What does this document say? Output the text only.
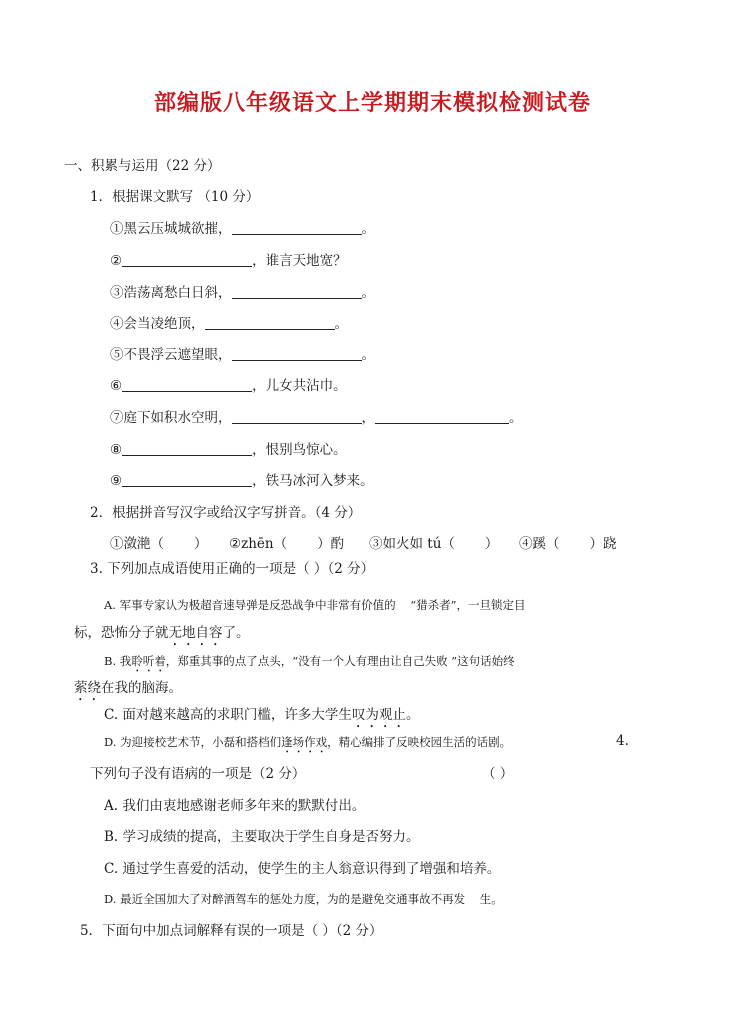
部编版八年级语文上学期期末模拟检测试卷
一、积累与运用（22 分）
1．根据课文默写 （10 分）
①黑云压城城欲摧，	。
②	，谁言天地宽？
③浩荡离愁白日斜，	。
④会当凌绝顶，	。
⑤不畏浮云遮望眼，	。
⑥	，儿女共沾巾。
⑦庭下如积水空明，	，	。
⑧	，恨别鸟惊心。
⑨	，铁马冰河入梦来。
2．根据拼音写汉字或给汉字写拼音。（4 分）
①潋滟（ ） ②zhēn（ ）酌 ③如火如 tú（ ） ④蹊（ ）跷
3. 下列加点成语使用正确的一项是（ ）（2 分）
A. 军事专家认为极超音速导弹是反恐战争中非常有价值的 “猎杀者”，一旦锁定目
标，恐怖分子就无地自容了。
B. 我聆听着，郑重其事的点了点头，“没有一个人有理由让自己失败 ”这句话始终
萦绕在我的脑海。
C. 面对越来越高的求职门槛，许多大学生叹为观止。
D. 为迎接校艺术节，小磊和搭档们逢场作戏，精心编排了反映校园生活的话剧。	4.
下列句子没有语病的一项是（2 分）	（ ）
A. 我们由衷地感谢老师多年来的默默付出。
B. 学习成绩的提高，主要取决于学生自身是否努力。
C. 通过学生喜爱的活动，使学生的主人翁意识得到了增强和培养。
D. 最近全国加大了对醉酒驾车的惩处力度，为的是避免交通事故不再发 生。
5．下面句中加点词解释有误的一项是（ ）（2 分）
